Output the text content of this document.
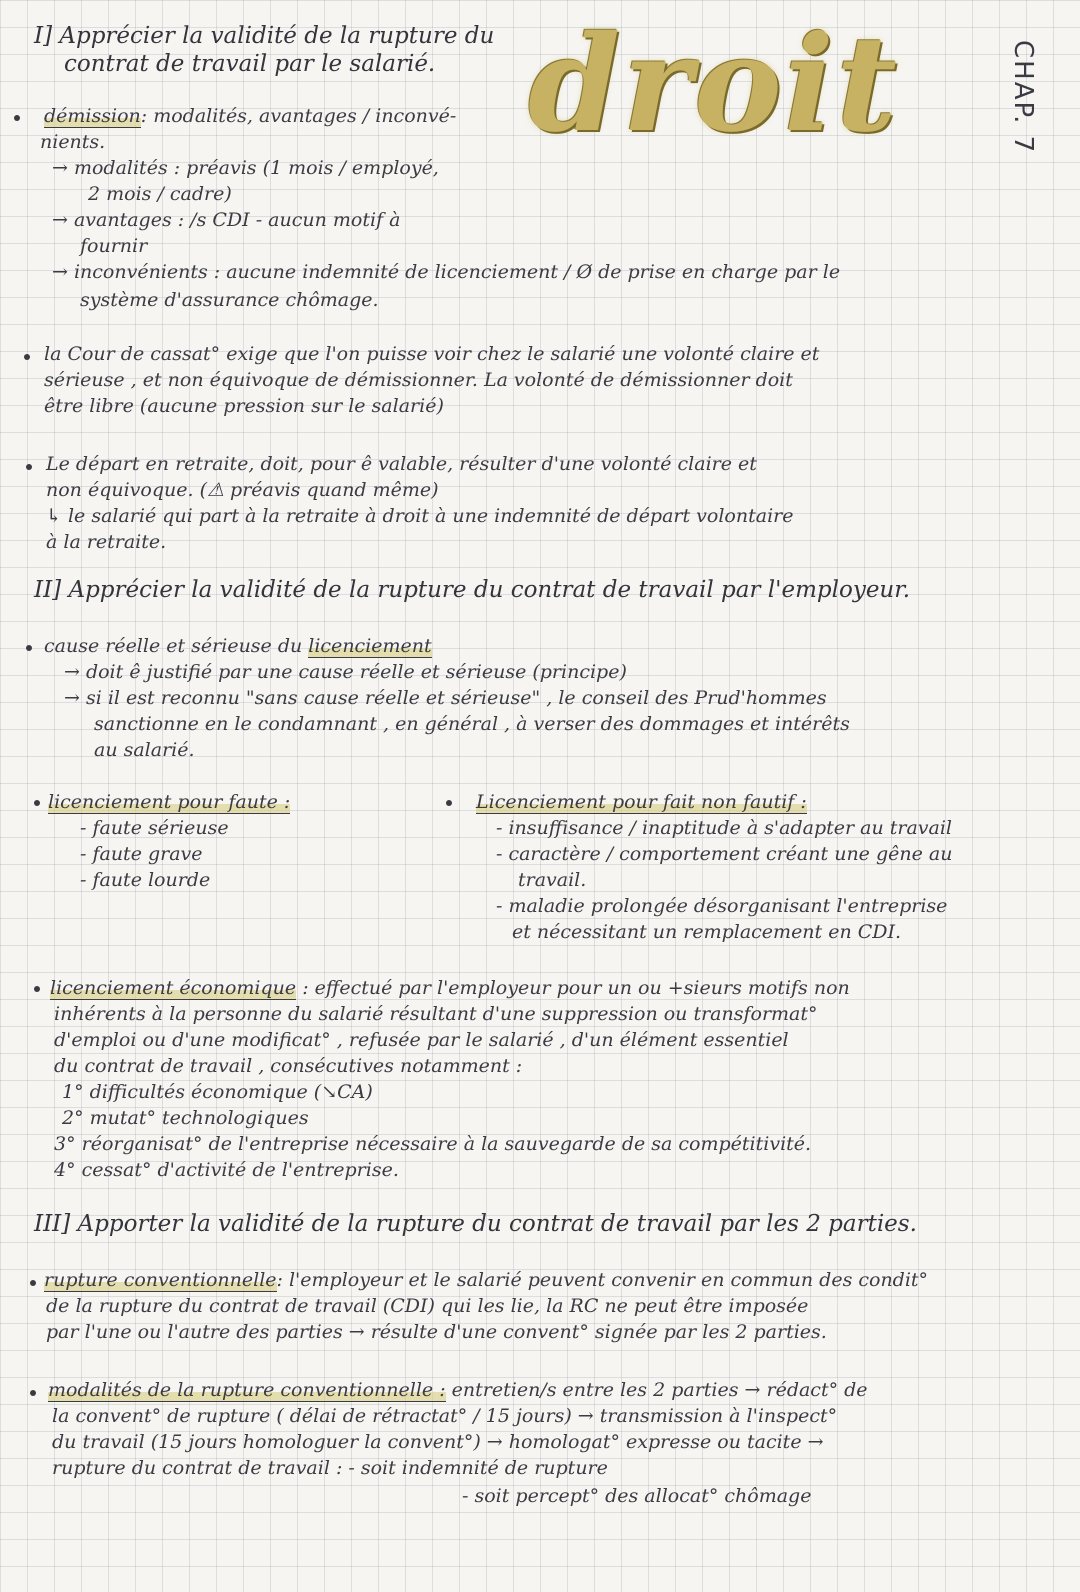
droit	CHAP. 7
I] Apprécier la validité de la rupture du
contrat de travail par le salarié.
démission: modalités, avantages / inconvé-
nients.
→ modalités : préavis (1 mois / employé,
2 mois / cadre)
→ avantages : /s CDI - aucun motif à
fournir
→ inconvénients : aucune indemnité de licenciement / Ø de prise en charge par le
système d'assurance chômage.
la Cour de cassat° exige que l'on puisse voir chez le salarié une volonté claire et
sérieuse , et non équivoque de démissionner. La volonté de démissionner doit
être libre (aucune pression sur le salarié)
Le départ en retraite, doit, pour ê valable, résulter d'une volonté claire et
non équivoque. (⚠ préavis quand même)
↳ le salarié qui part à la retraite à droit à une indemnité de départ volontaire
à la retraite.
II] Apprécier la validité de la rupture du contrat de travail par l'employeur.
cause réelle et sérieuse du licenciement
→ doit ê justifié par une cause réelle et sérieuse (principe)
→ si il est reconnu "sans cause réelle et sérieuse" , le conseil des Prud'hommes
sanctionne en le condamnant , en général , à verser des dommages et intérêts
au salarié.
licenciement pour faute :
- faute sérieuse
- faute grave
- faute lourde
Licenciement pour fait non fautif :
- insuffisance / inaptitude à s'adapter au travail
- caractère / comportement créant une gêne au
travail.
- maladie prolongée désorganisant l'entreprise
et nécessitant un remplacement en CDI.
licenciement économique : effectué par l'employeur pour un ou +sieurs motifs non
inhérents à la personne du salarié résultant d'une suppression ou transformat°
d'emploi ou d'une modificat° , refusée par le salarié , d'un élément essentiel
du contrat de travail , consécutives notamment :
1° difficultés économique (↘CA)
2° mutat° technologiques
3° réorganisat° de l'entreprise nécessaire à la sauvegarde de sa compétitivité.
4° cessat° d'activité de l'entreprise.
III] Apporter la validité de la rupture du contrat de travail par les 2 parties.
rupture conventionnelle: l'employeur et le salarié peuvent convenir en commun des condit°
de la rupture du contrat de travail (CDI) qui les lie, la RC ne peut être imposée
par l'une ou l'autre des parties → résulte d'une convent° signée par les 2 parties.
modalités de la rupture conventionnelle : entretien/s entre les 2 parties → rédact° de
la convent° de rupture ( délai de rétractat° / 15 jours) → transmission à l'inspect°
du travail (15 jours homologuer la convent°) → homologat° expresse ou tacite →
rupture du contrat de travail : - soit indemnité de rupture
- soit percept° des allocat° chômage
